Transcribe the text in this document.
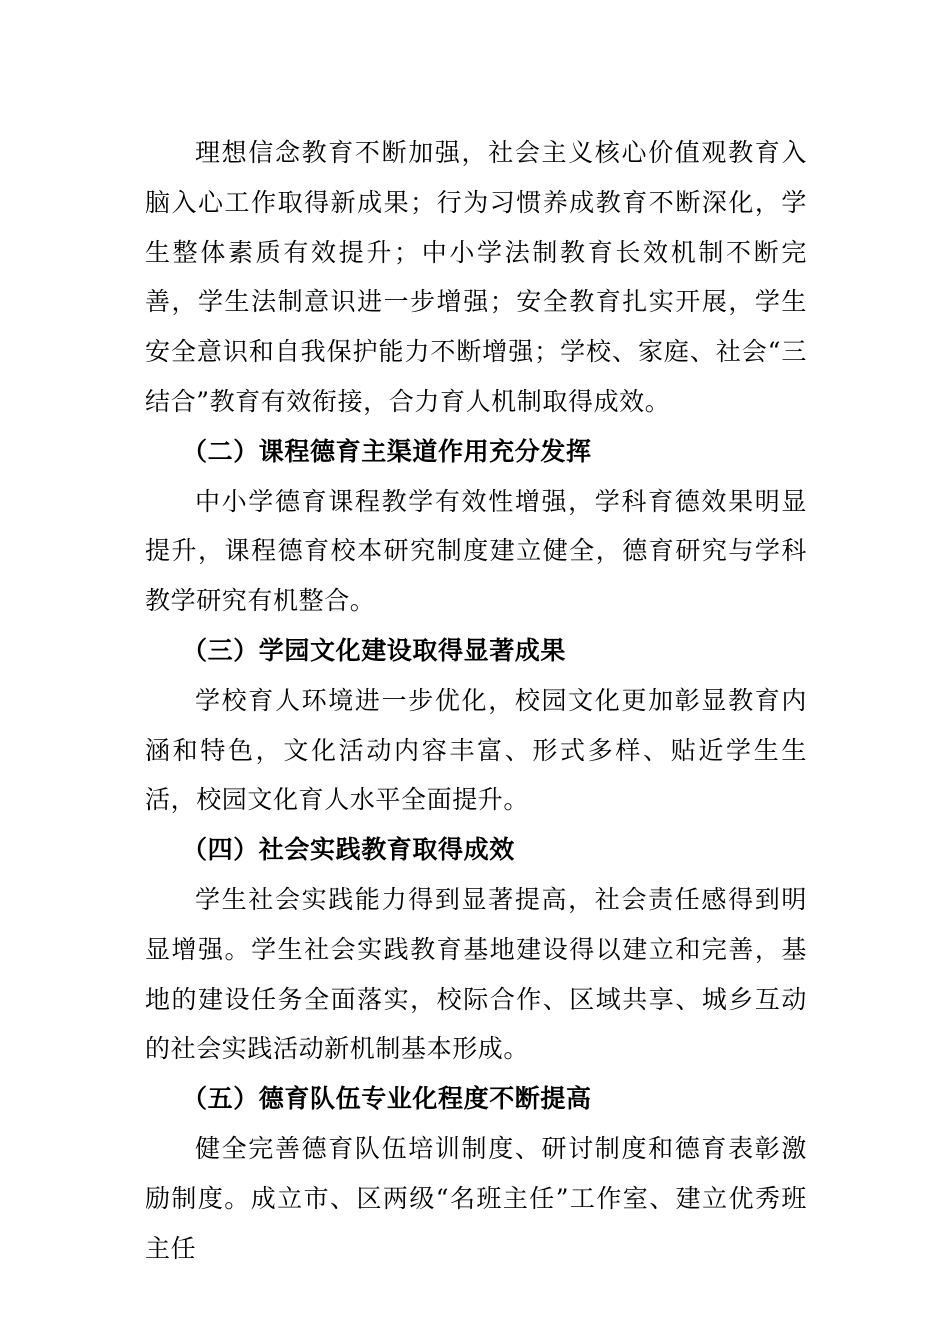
理想信念教育不断加强，社会主义核心价值观教育入脑入心工作取得新成果；行为习惯养成教育不断深化，学生整体素质有效提升；中小学法制教育长效机制不断完善，学生法制意识进一步增强；安全教育扎实开展，学生安全意识和自我保护能力不断增强；学校、家庭、社会“三结合”教育有效衔接，合力育人机制取得成效。

（二）课程德育主渠道作用充分发挥

中小学德育课程教学有效性增强，学科育德效果明显提升，课程德育校本研究制度建立健全，德育研究与学科教学研究有机整合。

（三）学园文化建设取得显著成果

学校育人环境进一步优化，校园文化更加彰显教育内涵和特色，文化活动内容丰富、形式多样、贴近学生生活，校园文化育人水平全面提升。

（四）社会实践教育取得成效

学生社会实践能力得到显著提高，社会责任感得到明显增强。学生社会实践教育基地建设得以建立和完善，基地的建设任务全面落实，校际合作、区域共享、城乡互动的社会实践活动新机制基本形成。

（五）德育队伍专业化程度不断提高

健全完善德育队伍培训制度、研讨制度和德育表彰激励制度。成立市、区两级“名班主任”工作室、建立优秀班主任
